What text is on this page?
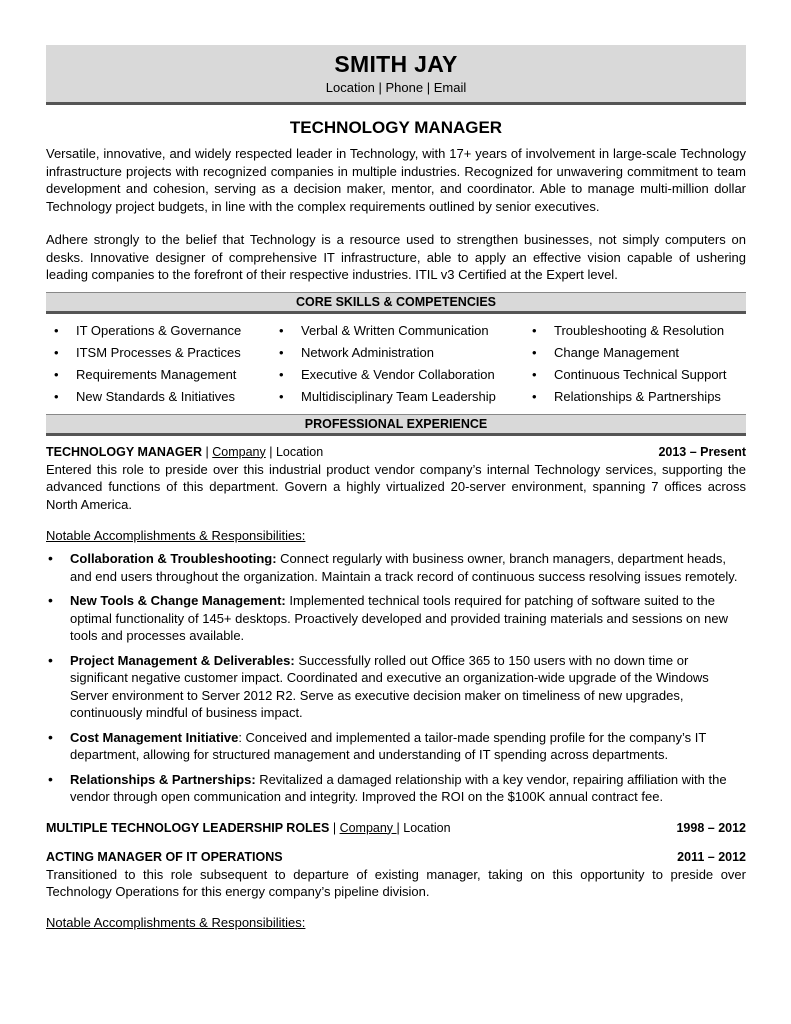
SMITH JAY
Location | Phone | Email
TECHNOLOGY MANAGER

Versatile, innovative, and widely respected leader in Technology, with 17+ years of involvement in large-scale Technology infrastructure projects with recognized companies in multiple industries. Recognized for unwavering commitment to team development and cohesion, serving as a decision maker, mentor, and coordinator. Able to manage multi-million dollar Technology project budgets, in line with the complex requirements outlined by senior executives.

Adhere strongly to the belief that Technology is a resource used to strengthen businesses, not simply computers on desks. Innovative designer of comprehensive IT infrastructure, able to apply an effective vision capable of ushering leading companies to the forefront of their respective industries. ITIL v3 Certified at the Expert level.

CORE SKILLS & COMPETENCIES
• IT Operations & Governance
• ITSM Processes & Practices
• Requirements Management
• New Standards & Initiatives
• Verbal & Written Communication
• Network Administration
• Executive & Vendor Collaboration
• Multidisciplinary Team Leadership
• Troubleshooting & Resolution
• Change Management
• Continuous Technical Support
• Relationships & Partnerships
PROFESSIONAL EXPERIENCE
TECHNOLOGY MANAGER | Company | Location	2013 – Present

Entered this role to preside over this industrial product vendor company’s internal Technology services, supporting the advanced functions of this department. Govern a highly virtualized 20-server environment, spanning 7 offices across North America.

Notable Accomplishments & Responsibilities:
• Collaboration & Troubleshooting: Connect regularly with business owner, branch managers, department heads, and end users throughout the organization. Maintain a track record of continuous success resolving issues remotely.
• New Tools & Change Management: Implemented technical tools required for patching of software suited to the optimal functionality of 145+ desktops. Proactively developed and provided training materials and sessions on new tools and processes available.
• Project Management & Deliverables: Successfully rolled out Office 365 to 150 users with no down time or significant negative customer impact. Coordinated and executive an organization-wide upgrade of the Windows Server environment to Server 2012 R2. Serve as executive decision maker on timeliness of new upgrades, continuously mindful of business impact.
• Cost Management Initiative: Conceived and implemented a tailor-made spending profile for the company’s IT department, allowing for structured management and understanding of IT spending across departments.
• Relationships & Partnerships: Revitalized a damaged relationship with a key vendor, repairing affiliation with the vendor through open communication and integrity. Improved the ROI on the $100K annual contract fee.
MULTIPLE TECHNOLOGY LEADERSHIP ROLES | Company | Location	1998 – 2012
ACTING MANAGER OF IT OPERATIONS	2011 – 2012

Transitioned to this role subsequent to departure of existing manager, taking on this opportunity to preside over Technology Operations for this energy company’s pipeline division.

Notable Accomplishments & Responsibilities:
